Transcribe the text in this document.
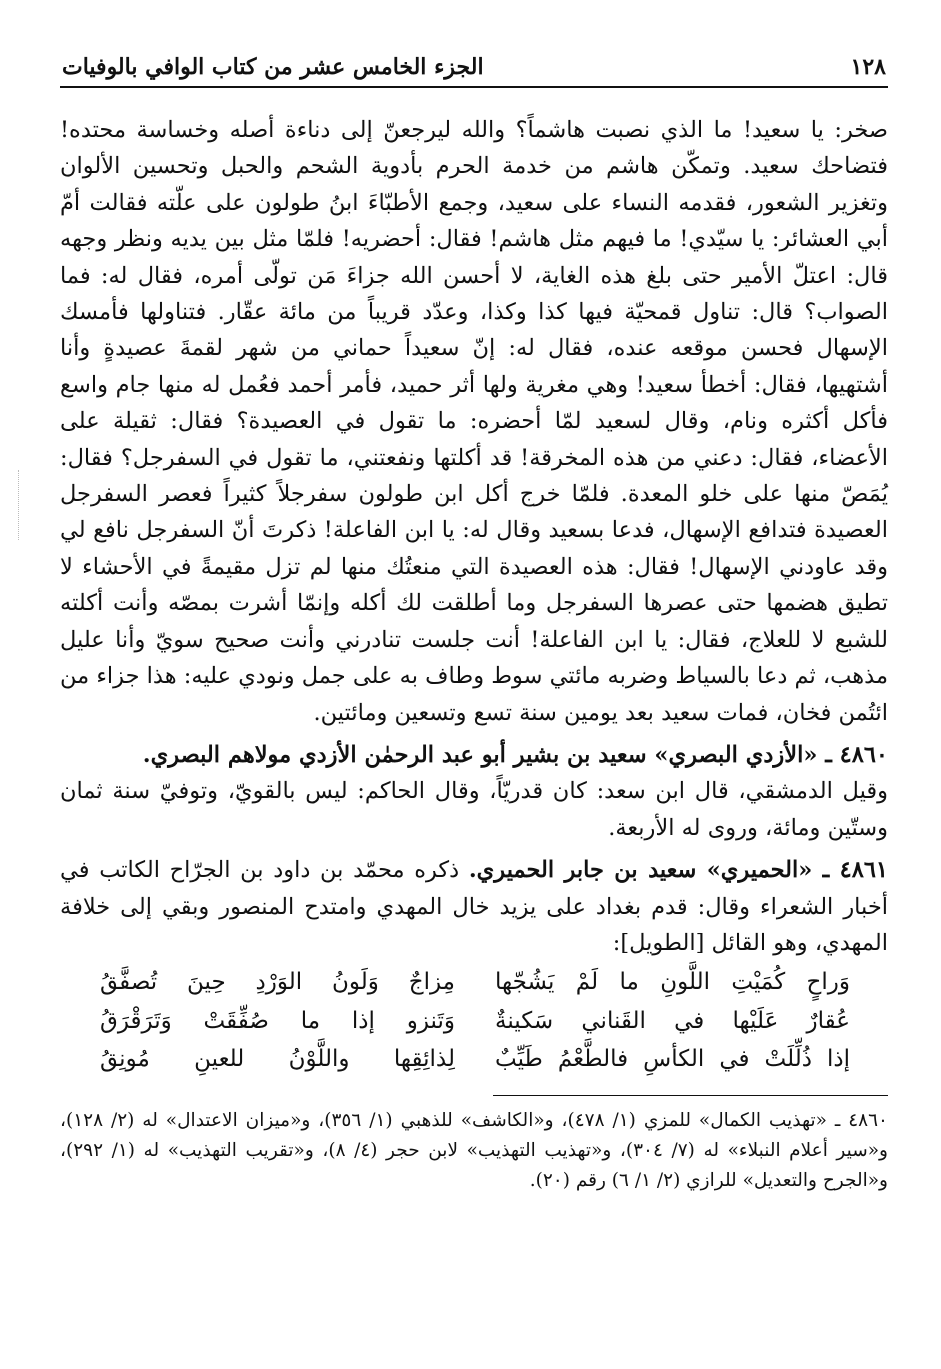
١٢٨
الجزء الخامس عشر من كتاب الوافي بالوفيات

صخر: يا سعيد! ما الذي نصبت هاشماً؟ والله ليرجعنّ إلى دناءة أصله وخساسة محتده! فتضاحك سعيد. وتمكّن هاشم من خدمة الحرم بأدوية الشحم والحبل وتحسين الألوان وتغزير الشعور، فقدمه النساء على سعيد، وجمع الأطبّاءَ ابنُ طولون على علّته فقالت أمّ أبي العشائر: يا سيّدي! ما فيهم مثل هاشم! فقال: أحضريه! فلمّا مثل بين يديه ونظر وجهه قال: اعتلّ الأمير حتى بلغ هذه الغاية، لا أحسن الله جزاءَ مَن تولّى أمره، فقال له: فما الصواب؟ قال: تناول قمحيّة فيها كذا وكذا، وعدّد قريباً من مائة عقّار. فتناولها فأمسك الإسهال فحسن موقعه عنده، فقال له: إنّ سعيداً حماني من شهر لقمةَ عصيدةٍ وأنا أشتهيها، فقال: أخطأ سعيد! وهي مغرية ولها أثر حميد، فأمر أحمد فعُمل له منها جام واسع فأكل أكثره ونام، وقال لسعيد لمّا أحضره: ما تقول في العصيدة؟ فقال: ثقيلة على الأعضاء، فقال: دعني من هذه المخرقة! قد أكلتها ونفعتني، ما تقول في السفرجل؟ فقال: يُمَصّ منها على خلو المعدة. فلمّا خرج أكل ابن طولون سفرجلاً كثيراً فعصر السفرجل العصيدة فتدافع الإسهال، فدعا بسعيد وقال له: يا ابن الفاعلة! ذكرتَ أنّ السفرجل نافع لي وقد عاودني الإسهال! فقال: هذه العصيدة التي منعتُك منها لم تزل مقيمةً في الأحشاء لا تطيق هضمها حتى عصرها السفرجل وما أطلقت لك أكله وإنمّا أشرت بمصّه وأنت أكلته للشبع لا للعلاج، فقال: يا ابن الفاعلة! أنت جلست تنادرني وأنت صحيح سويّ وأنا عليل مذهب، ثم دعا بالسياط وضربه مائتي سوط وطاف به على جمل ونودي عليه: هذا جزاء من ائتُمن فخان، فمات سعيد بعد يومين سنة تسع وتسعين ومائتين.

٤٨٦٠ ـ «الأزدي البصري» سعيد بن بشير أبو عبد الرحمٰن الأزدي مولاهم البصري.
وقيل الدمشقي، قال ابن سعد: كان قدريّاً، وقال الحاكم: ليس بالقويّ، وتوفيّ سنة ثمان وستّين ومائة، وروى له الأربعة.
٤٨٦١ ـ «الحميري» سعيد بن جابر الحميري. ذكره محمّد بن داود بن الجرّاح الكاتب في أخبار الشعراء وقال: قدم بغداد على يزيد خال المهدي وامتدح المنصور وبقي إلى خلافة المهدي، وهو القائل [الطويل]:
وَراحٍ كُمَيْتِ اللَّونِ ما لَمْ يَشُجّها
مِزاجٌ وَلَونُ الوَرْدِ حِينَ تُصفَّقُ
عُقارٌ عَلَيْها في القَناني سَكينةٌ
وَتَنزو إذا ما صُفِّقَتْ وَتَرَقْرَقُ
إذا ذُلِّلَتْ في الكأسِ فالطَّعْمُ طَيِّبٌ
لِذائِقِها واللَّوْنُ للعينِ مُونِقُ
٤٨٦٠ ـ «تهذيب الكمال» للمزي (١/ ٤٧٨)، و«الكاشف» للذهبي (١/ ٣٥٦)، و«ميزان الاعتدال» له (٢/ ١٢٨)، و«سير أعلام النبلاء» له (٧/ ٣٠٤)، و«تهذيب التهذيب» لابن حجر (٤/ ٨)، و«تقريب التهذيب» له (١/ ٢٩٢)، و«الجرح والتعديل» للرازي (٢/ ١/ ٦) رقم (٢٠).
